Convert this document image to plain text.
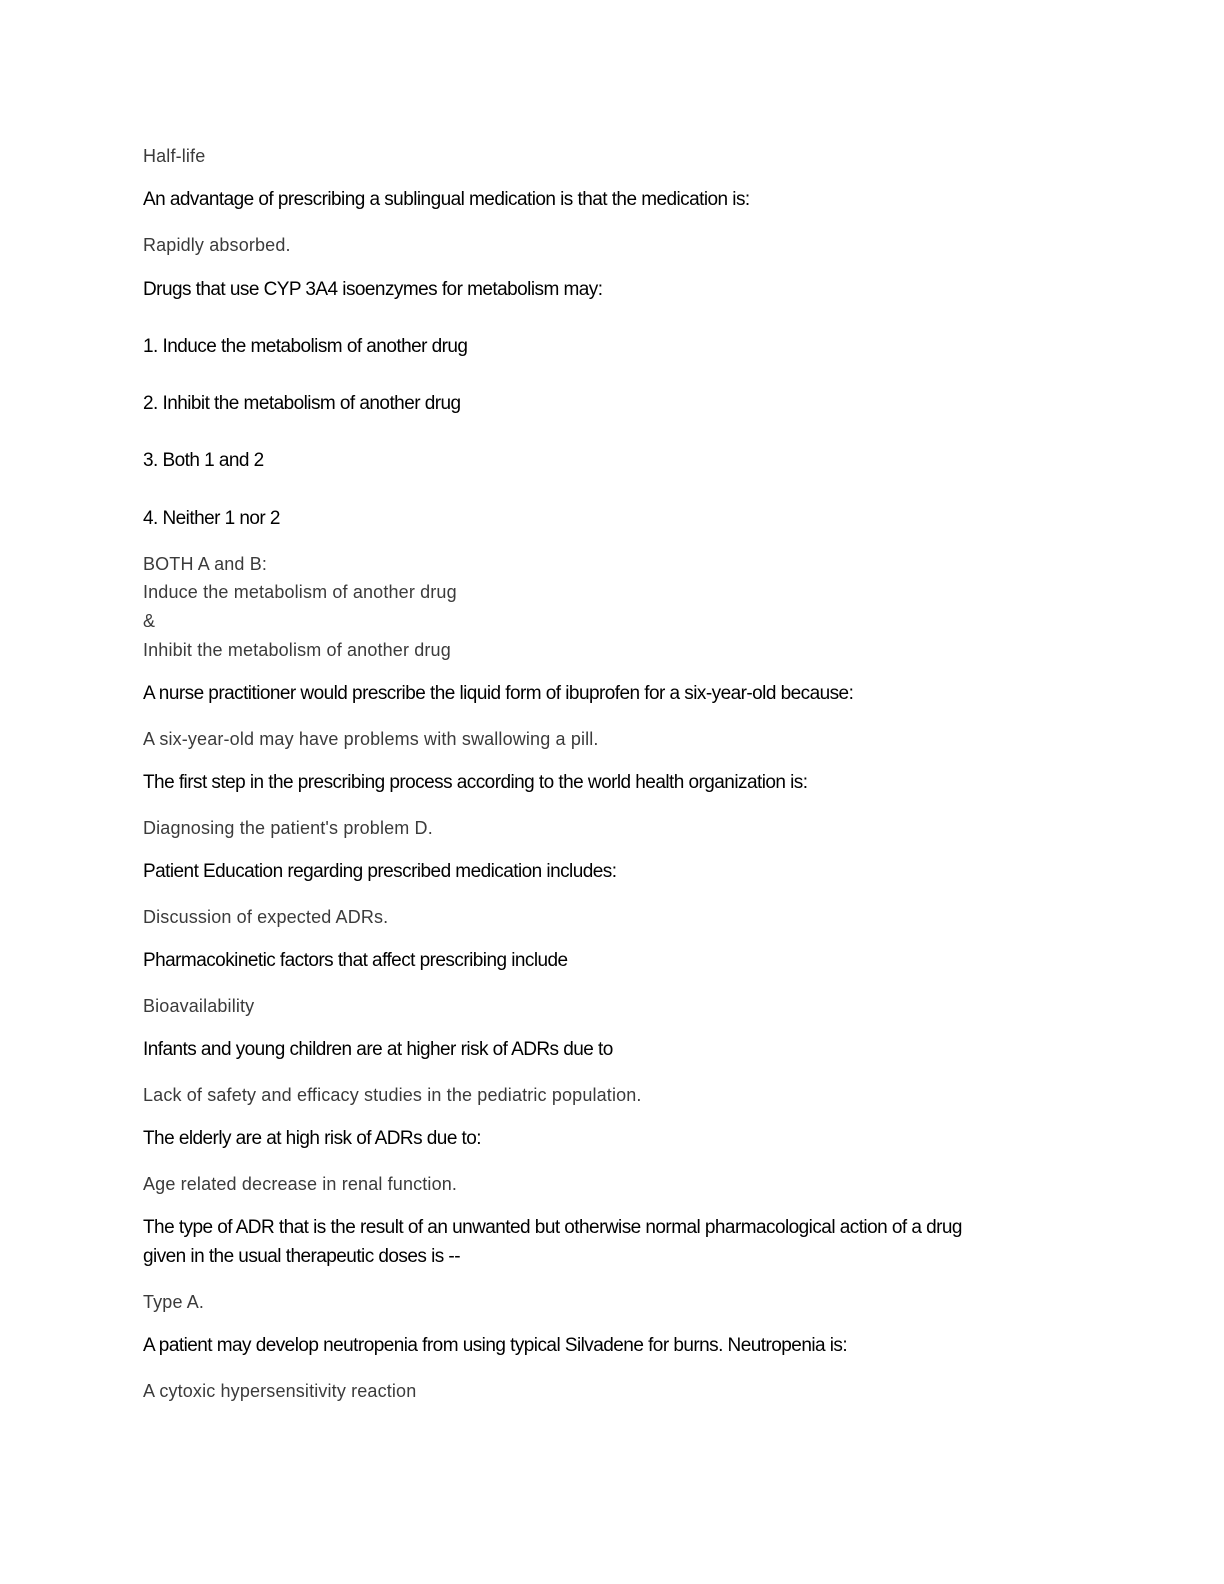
Half-life

An advantage of prescribing a sublingual medication is that the medication is:

Rapidly absorbed.

Drugs that use CYP 3A4 isoenzymes for metabolism may:

1. Induce the metabolism of another drug

2. Inhibit the metabolism of another drug

3. Both 1 and 2

4. Neither 1 nor 2

BOTH A and B:

Induce the metabolism of another drug

&

Inhibit the metabolism of another drug

A nurse practitioner would prescribe the liquid form of ibuprofen for a six-year-old because:

A six-year-old may have problems with swallowing a pill.

The first step in the prescribing process according to the world health organization is:

Diagnosing the patient's problem D.

Patient Education regarding prescribed medication includes:

Discussion of expected ADRs.

Pharmacokinetic factors that affect prescribing include

Bioavailability

Infants and young children are at higher risk of ADRs due to

Lack of safety and efficacy studies in the pediatric population.

The elderly are at high risk of ADRs due to:

Age related decrease in renal function.

The type of ADR that is the result of an unwanted but otherwise normal pharmacological action of a drug

given in the usual therapeutic doses is --

Type A.

A patient may develop neutropenia from using typical Silvadene for burns. Neutropenia is:

A cytoxic hypersensitivity reaction
